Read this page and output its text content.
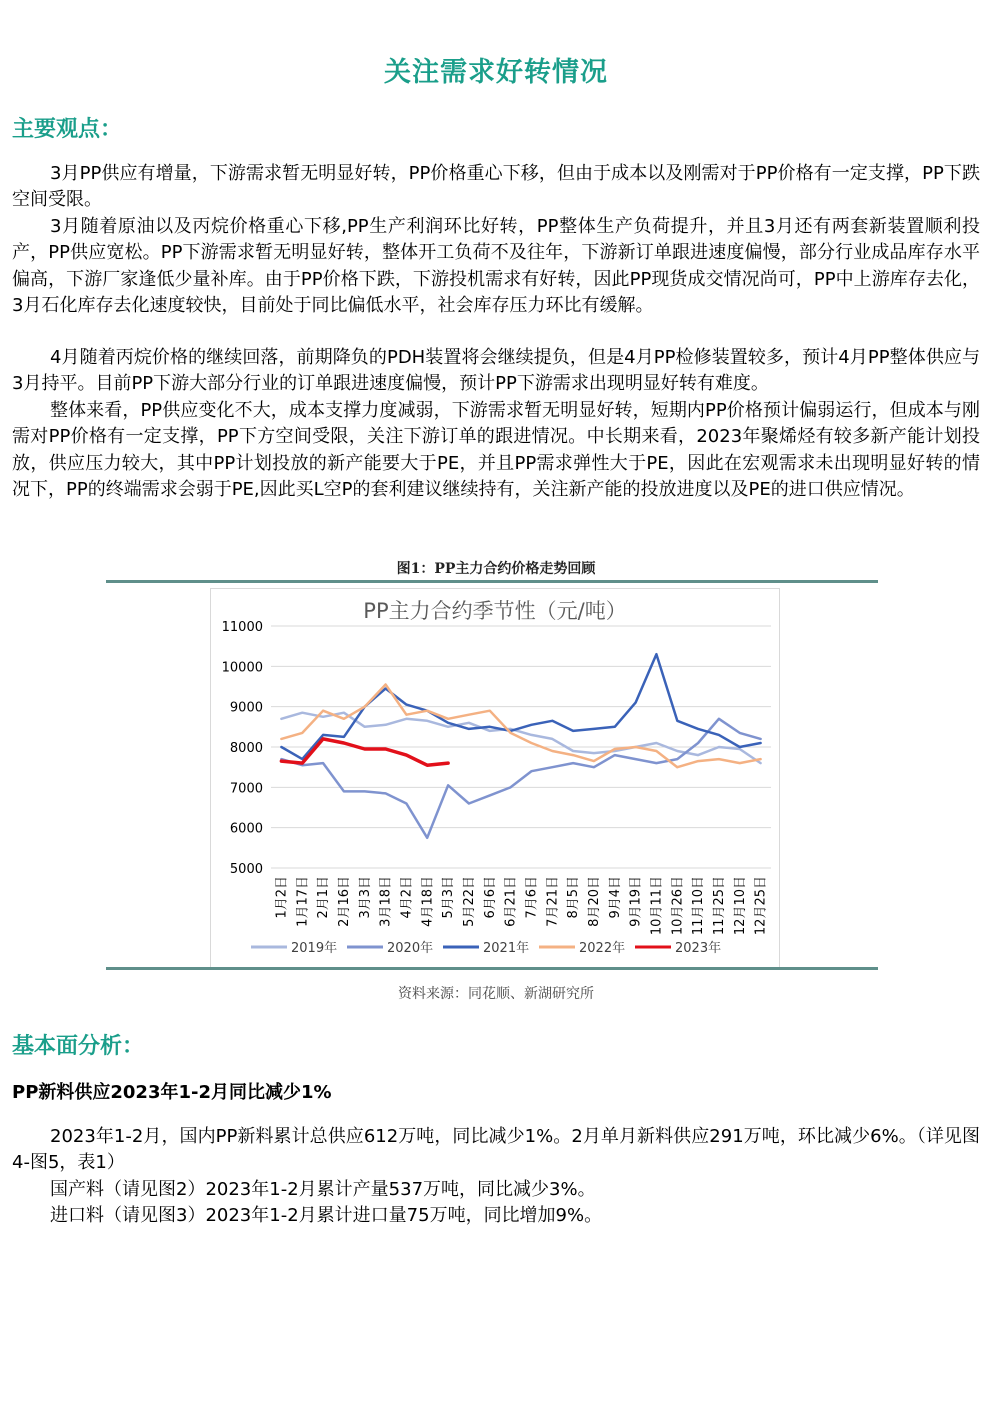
关注需求好转情况
主要观点：

3月PP供应有增量，下游需求暂无明显好转，PP价格重心下移，但由于成本以及刚需对于PP价格有一定支撑，PP下跌空间受限。

3月随着原油以及丙烷价格重心下移,PP生产利润环比好转，PP整体生产负荷提升，并且3月还有两套新装置顺利投产，PP供应宽松。PP下游需求暂无明显好转，整体开工负荷不及往年，下游新订单跟进速度偏慢，部分行业成品库存水平偏高，下游厂家逢低少量补库。由于PP价格下跌，下游投机需求有好转，因此PP现货成交情况尚可，PP中上游库存去化，3月石化库存去化速度较快，目前处于同比偏低水平，社会库存压力环比有缓解。

4月随着丙烷价格的继续回落，前期降负的PDH装置将会继续提负，但是4月PP检修装置较多，预计4月PP整体供应与3月持平。目前PP下游大部分行业的订单跟进速度偏慢，预计PP下游需求出现明显好转有难度。

整体来看，PP供应变化不大，成本支撑力度减弱，下游需求暂无明显好转，短期内PP价格预计偏弱运行，但成本与刚需对PP价格有一定支撑，PP下方空间受限，关注下游订单的跟进情况。中长期来看，2023年聚烯烃有较多新产能计划投放，供应压力较大，其中PP计划投放的新产能要大于PE，并且PP需求弹性大于PE，因此在宏观需求未出现明显好转的情况下，PP的终端需求会弱于PE,因此买L空P的套利建议继续持有，关注新产能的投放进度以及PE的进口供应情况。

图1：PP主力合约价格走势回顾
PP主力合约季节性（元/吨）
11000
10000
9000
8000
7000
6000
5000
1月2日 1月17日 2月1日 2月16日 3月3日 3月18日 4月2日 4月18日 5月3日 5月22日 6月6日 6月21日 7月6日 7月21日 8月5日 8月20日 9月4日 9月19日 10月11日 10月26日 11月10日 11月25日 12月10日 12月25日
2019年	2020年	2021年	2022年	2023年
资料来源：同花顺、新湖研究所
基本面分析：
PP新料供应2023年1-2月同比减少1%

2023年1-2月，国内PP新料累计总供应612万吨，同比减少1%。2月单月新料供应291万吨，环比减少6%。（详见图4-图5，表1）

国产料（请见图2）2023年1-2月累计产量537万吨，同比减少3%。

进口料（请见图3）2023年1-2月累计进口量75万吨，同比增加9%。
